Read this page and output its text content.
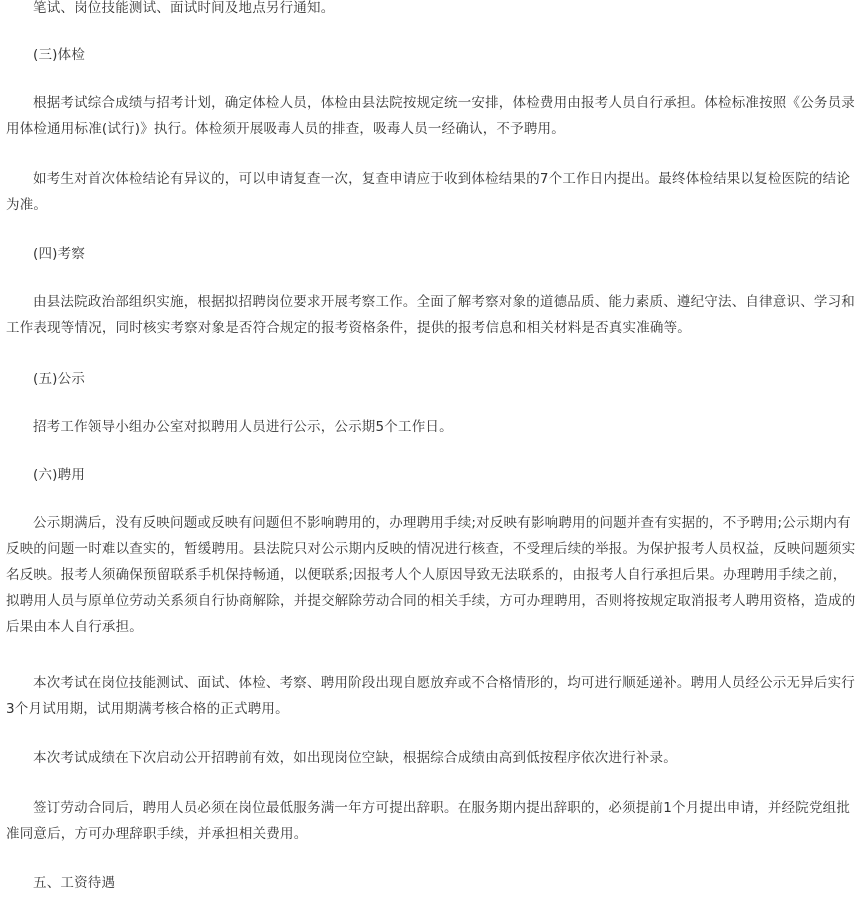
笔试、岗位技能测试、面试时间及地点另行通知。

(三)体检

根据考试综合成绩与招考计划，确定体检人员，体检由县法院按规定统一安排，体检费用由报考人员自行承担。体检标准按照《公务员录用体检通用标准(试行)》执行。体检须开展吸毒人员的排查，吸毒人员一经确认，不予聘用。

如考生对首次体检结论有异议的，可以申请复查一次，复查申请应于收到体检结果的7个工作日内提出。最终体检结果以复检医院的结论为准。

(四)考察

由县法院政治部组织实施，根据拟招聘岗位要求开展考察工作。全面了解考察对象的道德品质、能力素质、遵纪守法、自律意识、学习和工作表现等情况，同时核实考察对象是否符合规定的报考资格条件，提供的报考信息和相关材料是否真实准确等。

(五)公示

招考工作领导小组办公室对拟聘用人员进行公示，公示期5个工作日。

(六)聘用

公示期满后，没有反映问题或反映有问题但不影响聘用的，办理聘用手续;对反映有影响聘用的问题并查有实据的，不予聘用;公示期内有反映的问题一时难以查实的，暂缓聘用。县法院只对公示期内反映的情况进行核查，不受理后续的举报。为保护报考人员权益，反映问题须实名反映。报考人须确保预留联系手机保持畅通，以便联系;因报考人个人原因导致无法联系的，由报考人自行承担后果。办理聘用手续之前，拟聘用人员与原单位劳动关系须自行协商解除，并提交解除劳动合同的相关手续，方可办理聘用，否则将按规定取消报考人聘用资格，造成的后果由本人自行承担。

本次考试在岗位技能测试、面试、体检、考察、聘用阶段出现自愿放弃或不合格情形的，均可进行顺延递补。聘用人员经公示无异后实行3个月试用期，试用期满考核合格的正式聘用。

本次考试成绩在下次启动公开招聘前有效，如出现岗位空缺，根据综合成绩由高到低按程序依次进行补录。

签订劳动合同后，聘用人员必须在岗位最低服务满一年方可提出辞职。在服务期内提出辞职的，必须提前1个月提出申请，并经院党组批准同意后，方可办理辞职手续，并承担相关费用。

五、工资待遇
